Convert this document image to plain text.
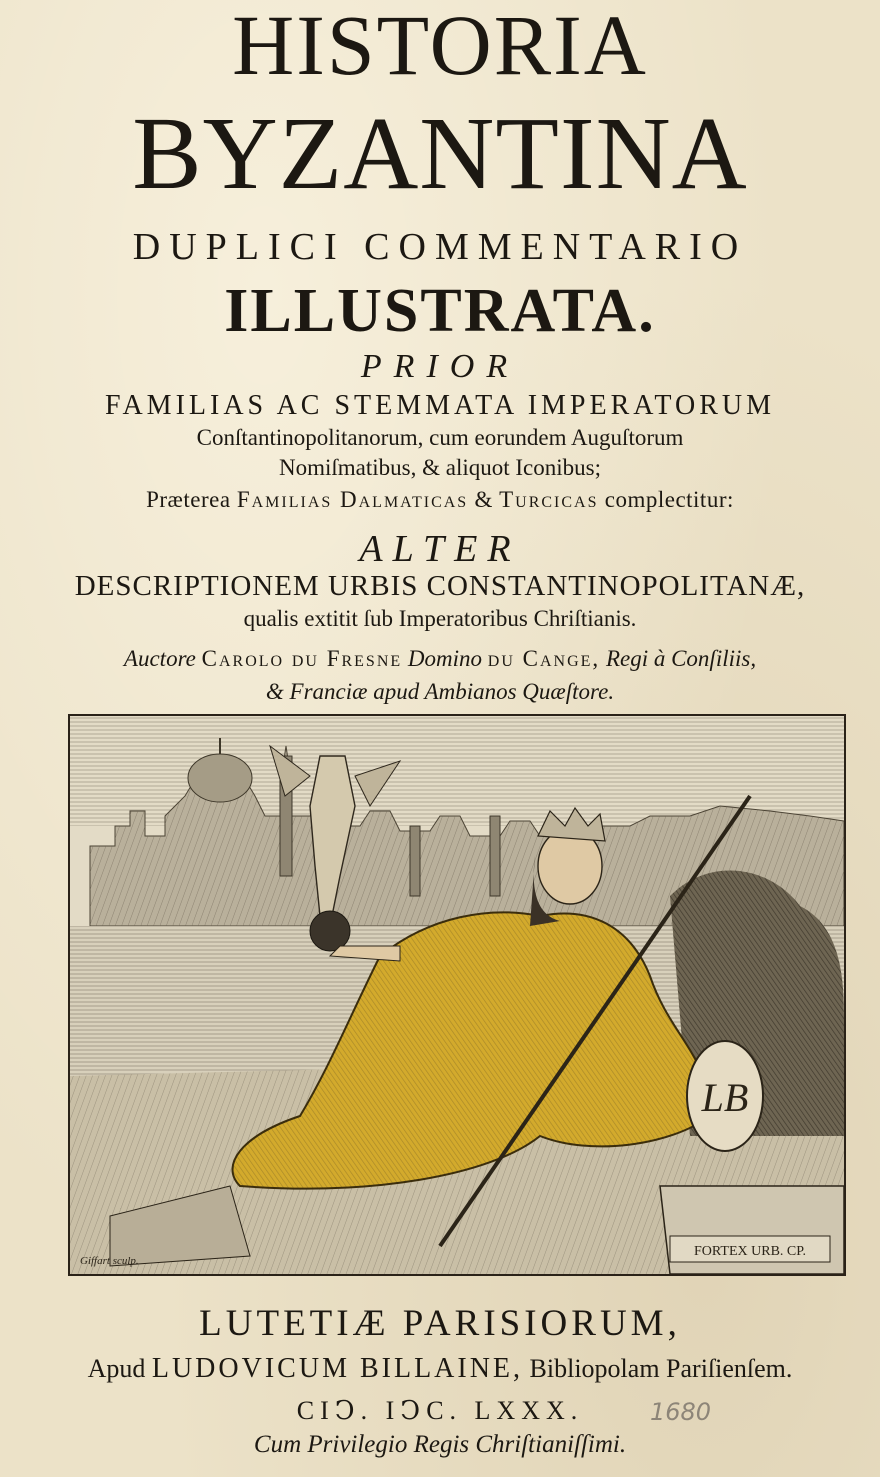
HISTORIA
BYZANTINA
DUPLICI COMMENTARIO
ILLUSTRATA.
PRIOR
FAMILIAS AC STEMMATA IMPERATORUM
Conſtantinopolitanorum, cum eorundem Auguſtorum
Nomiſmatibus, & aliquot Iconibus;
Præterea Familias Dalmaticas & Turcicas complectitur:
ALTER
DESCRIPTIONEM URBIS CONSTANTINOPOLITANÆ,
qualis extitit ſub Imperatoribus Chriſtianis.
Auctore Carolo du Fresne Domino du Cange, Regi à Conſiliis,
& Franciæ apud Ambianos Quæſtore.
LB
FORTEX URB. CP.
Giffart sculp.
LUTETIÆ PARISIORUM,
Apud LUDOVICUM BILLAINE, Bibliopolam Pariſienſem.
CIↃ. IↃC. LXXX.	1680
Cum Privilegio Regis Chriſtianiſſimi.
